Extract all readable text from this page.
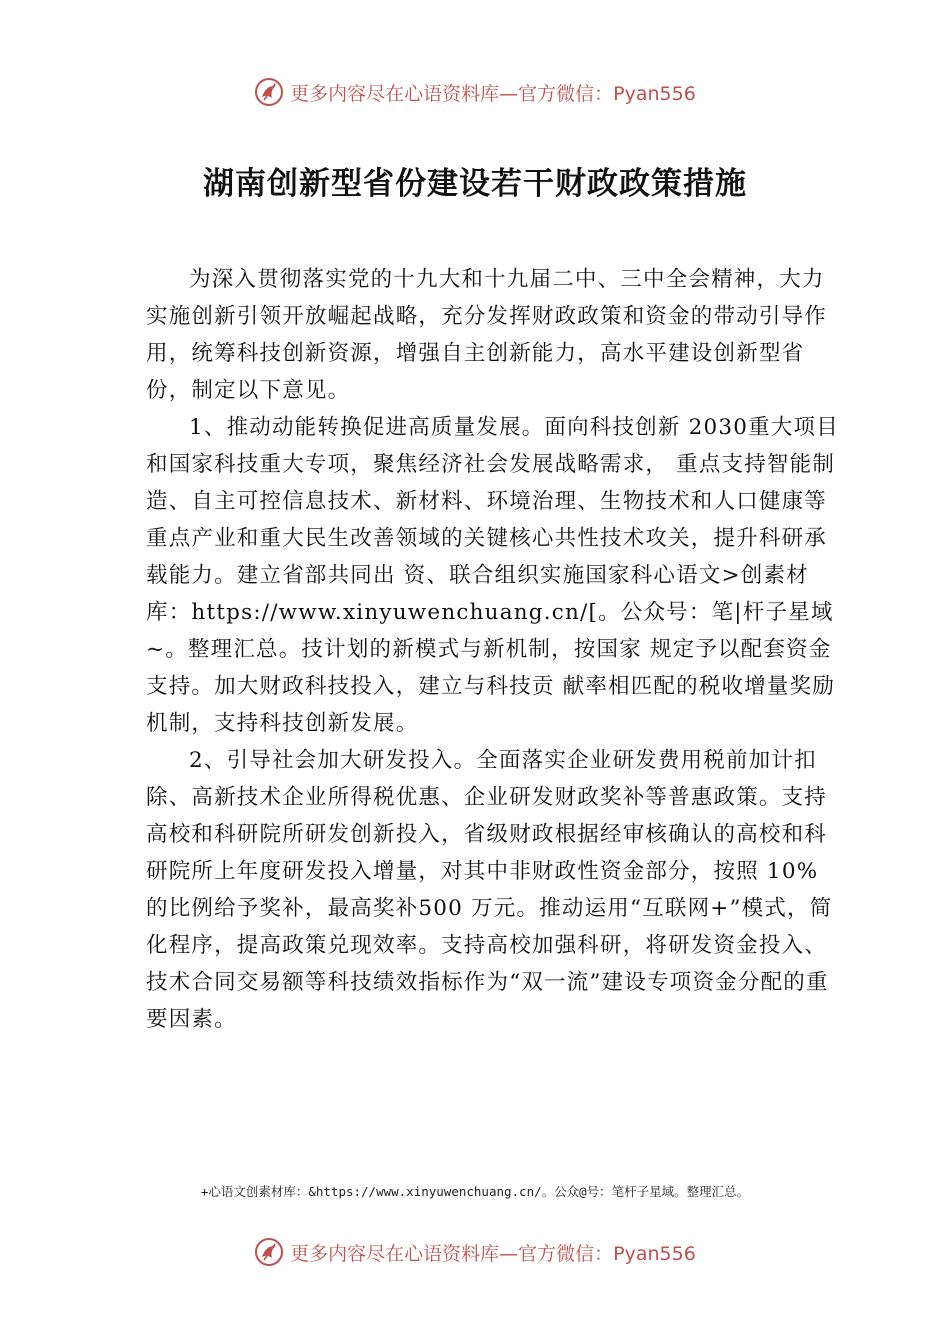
更多内容尽在心语资料库—官方微信：Pyan556
湖南创新型省份建设若干财政政策措施

为深入贯彻落实党的十九大和十九届二中、三中全会精神，大力实施创新引领开放崛起战略，充分发挥财政政策和资金的带动引导作用，统筹科技创新资源，增强自主创新能力，高水平建设创新型省份，制定以下意见。

1、推动动能转换促进高质量发展。面向科技创新 2030重大项目和国家科技重大专项，聚焦经济社会发展战略需求， 重点支持智能制造、自主可控信息技术、新材料、环境治理、生物技术和人口健康等重点产业和重大民生改善领域的关键核心共性技术攻关，提升科研承载能力。建立省部共同出 资、联合组织实施国家科心语文>创素材库：https://www.xinyuwenchuang.cn/[。公众号：笔|杆子星域~。整理汇总。技计划的新模式与新机制，按国家 规定予以配套资金支持。加大财政科技投入，建立与科技贡 献率相匹配的税收增量奖励机制，支持科技创新发展。

2、引导社会加大研发投入。全面落实企业研发费用税前加计扣除、高新技术企业所得税优惠、企业研发财政奖补等普惠政策。支持高校和科研院所研发创新投入，省级财政根据经审核确认的高校和科研院所上年度研发投入增量，对其中非财政性资金部分，按照 10%的比例给予奖补，最高奖补500 万元。推动运用“互联网+”模式，简化程序，提高政策兑现效率。支持高校加强科研，将研发资金投入、技术合同交易额等科技绩效指标作为“双一流”建设专项资金分配的重要因素。

+心语文创素材库：&https://www.xinyuwenchuang.cn/。公众@号：笔杆子星域。整理汇总。
更多内容尽在心语资料库—官方微信：Pyan556
